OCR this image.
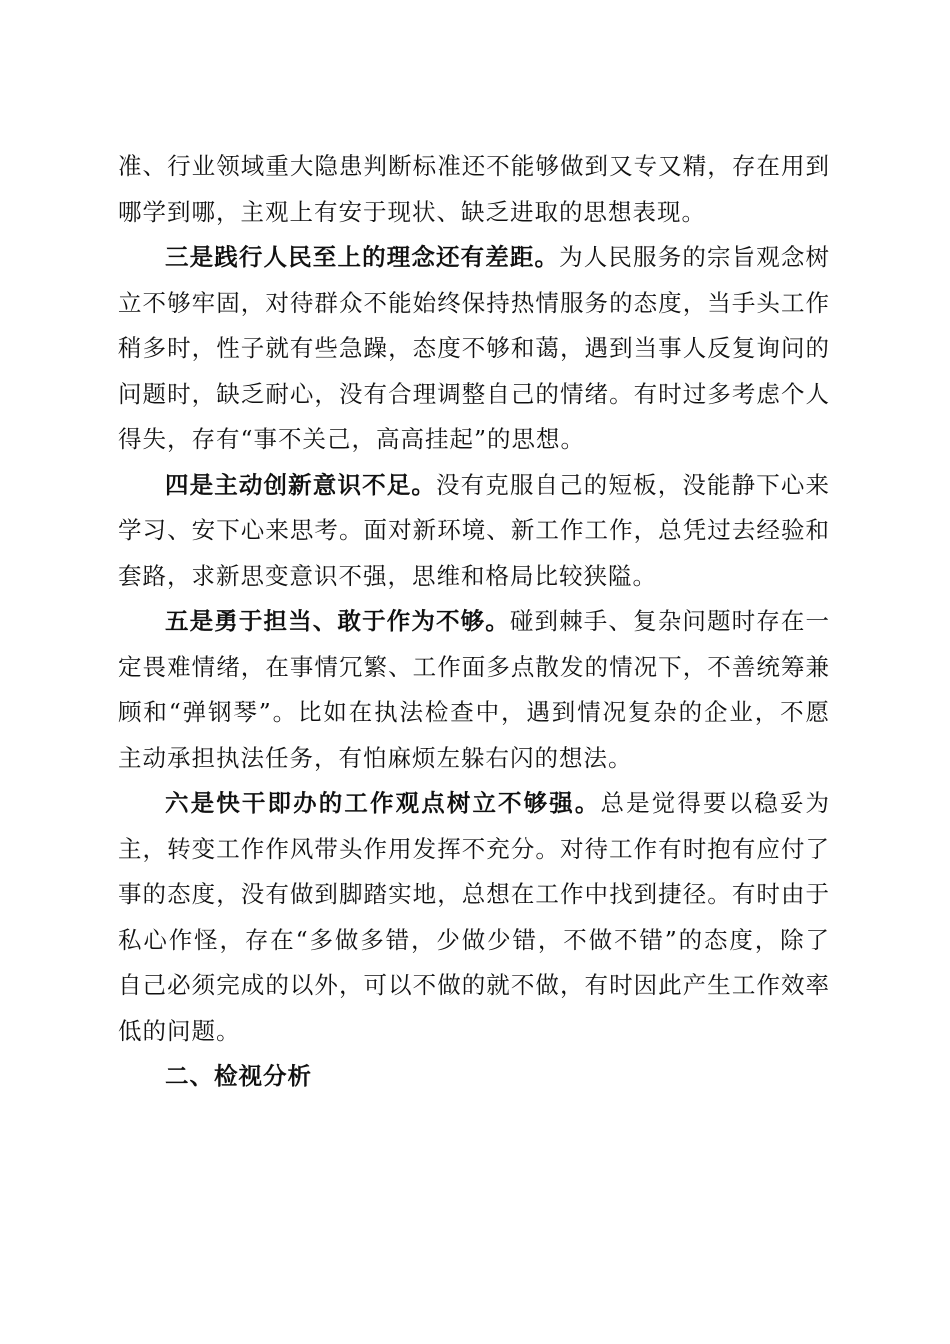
准、行业领域重大隐患判断标准还不能够做到又专又精，存在用到哪学到哪，主观上有安于现状、缺乏进取的思想表现。

三是践行人民至上的理念还有差距。为人民服务的宗旨观念树立不够牢固，对待群众不能始终保持热情服务的态度，当手头工作稍多时，性子就有些急躁，态度不够和蔼，遇到当事人反复询问的问题时，缺乏耐心，没有合理调整自己的情绪。有时过多考虑个人得失，存有“事不关己，高高挂起”的思想。

四是主动创新意识不足。没有克服自己的短板，没能静下心来学习、安下心来思考。面对新环境、新工作工作，总凭过去经验和套路，求新思变意识不强，思维和格局比较狭隘。

五是勇于担当、敢于作为不够。碰到棘手、复杂问题时存在一定畏难情绪，在事情冗繁、工作面多点散发的情况下，不善统筹兼顾和“弹钢琴”。比如在执法检查中，遇到情况复杂的企业，不愿主动承担执法任务，有怕麻烦左躲右闪的想法。

六是快干即办的工作观点树立不够强。总是觉得要以稳妥为主，转变工作作风带头作用发挥不充分。对待工作有时抱有应付了事的态度，没有做到脚踏实地，总想在工作中找到捷径。有时由于私心作怪，存在“多做多错，少做少错，不做不错”的态度，除了自己必须完成的以外，可以不做的就不做，有时因此产生工作效率低的问题。

二、检视分析
